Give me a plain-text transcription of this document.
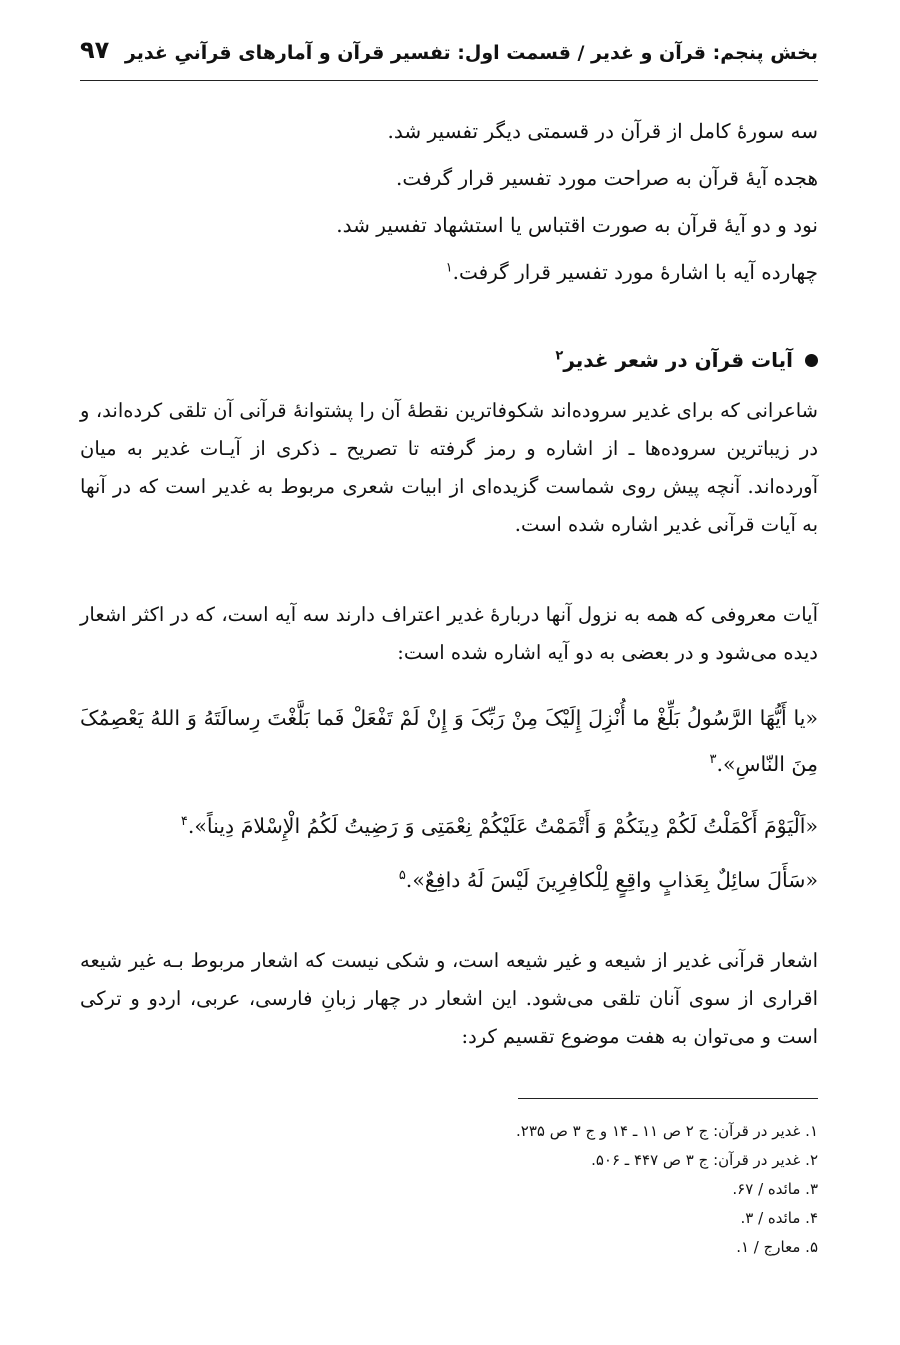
بخش پنجم: قرآن و غدیر / قسمت اول: تفسیر قرآن و آمارهای قرآنیِ غدیر
۹۷
سه سورهٔ کامل از قرآن در قسمتی دیگر تفسیر شد.
هجده آیهٔ قرآن به صراحت مورد تفسیر قرار گرفت.
نود و دو آیهٔ قرآن به صورت اقتباس یا استشهاد تفسیر شد.
چهارده آیه با اشارهٔ مورد تفسیر قرار گرفت.$^۱$
آیات قرآن در شعر غدیر$^۲$
شاعرانی که برای غدیر سروده‌اند شکوفاترین نقطهٔ آن را پشتوانهٔ قرآنی آن تلقی کرده‌اند، و در زیباترین سروده‌ها ـ از اشاره و رمز گرفته تا تصریح ـ ذکری از آیـات غدیر به میان آورده‌اند. آنچه پیش روی شماست گزیده‌ای از ابیات شعری مربوط به غدیر است که در آنها به آیات قرآنی غدیر اشاره شده است.
آیات معروفی که همه به نزول آنها دربارهٔ غدیر اعتراف دارند سه آیه است، که در اکثر اشعار دیده می‌شود و در بعضی به دو آیه اشاره شده است:
«یا أَیُّهَا الرَّسُولُ بَلِّغْ ما أُنْزِلَ إِلَیْکَ مِنْ رَبِّکَ وَ إِنْ لَمْ تَفْعَلْ فَما بَلَّغْتَ رِسالَتَهُ وَ اللهُ یَعْصِمُکَ مِنَ النّاسِ».$^۳$
«اَلْیَوْمَ أَکْمَلْتُ لَکُمْ دِینَکُمْ وَ أَتْمَمْتُ عَلَیْکُمْ نِعْمَتِی وَ رَضِیتُ لَکُمُ الْإِسْلامَ دِیناً».$^۴$
«سَأَلَ سائِلٌ بِعَذابٍ واقِعٍ لِلْکافِرِینَ لَیْسَ لَهُ دافِعٌ».$^۵$
اشعار قرآنی غدیر از شیعه و غیر شیعه است، و شکی نیست که اشعار مربوط بـه غیر شیعه اقراری از سوی آنان تلقی می‌شود. این اشعار در چهار زبانِ فارسی، عربی، اردو و ترکی است و می‌توان به هفت موضوع تقسیم کرد:
۱. غدیر در قرآن: ج ۲ ص ۱۱ ـ ۱۴ و ج ۳ ص ۲۳۵.
۲. غدیر در قرآن: ج ۳ ص ۴۴۷ ـ ۵۰۶.
۳. مائده / ۶۷.
۴. مائده / ۳.
۵. معارج / ۱.
